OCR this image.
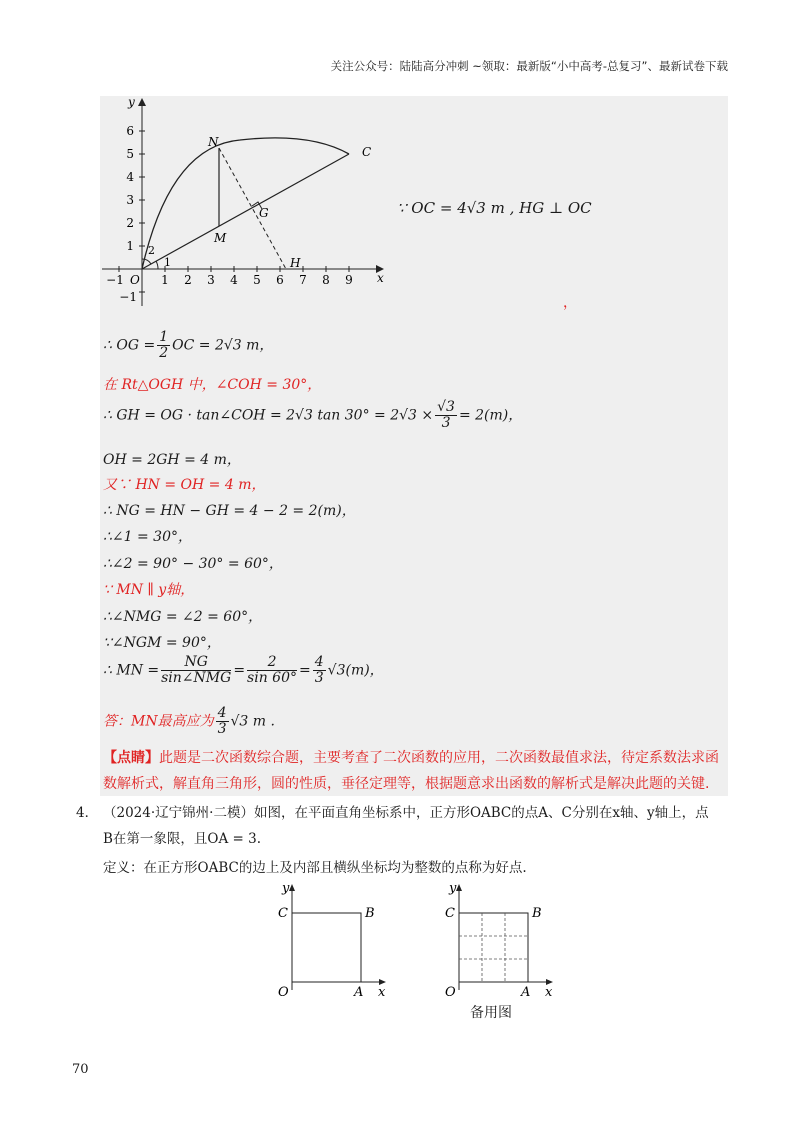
关注公众号：陆陆高分冲刺 ~领取：最新版“小中高考-总复习”、最新试卷下载
x
y
−1	1 2 3 4 5 6 7 8 9
6
5
4
3
2
1
−1
O
1
2
N
C
G
M
H
∵ OC = 4√3 m , HG ⊥ OC
，
∴ OG = $\frac{1}{2}$ OC = 2√3 m，
在 Rt△OGH 中，∠COH = 30°，
∴ GH = OG · tan∠COH = 2√3 $\tan 30^\circ = 2√3 \times \frac{√3}{3} = 2(m)$，
OH = 2GH = 4 m，
又∵ HN = OH = 4 m，
∴ NG = HN − GH = 4 − 2 = 2(m)，
∴∠1 = 30°，
∴∠2 = 90° − 30° = 60°，
∵ MN ∥ y轴，
∴∠NMG = ∠2 = 60°，
∵∠NGM = 90°，
∴ MN = $\frac{NG}{\text{sin∠NMG}} = \frac{2}{\sin 60^\circ} = \frac{4}{3} √3(m)$，
答：MN最高应为 $\frac{4}{3} √3$ m .
【点睛】此题是二次函数综合题，主要考查了二次函数的应用，二次函数最值求法，待定系数法求函数解析式，解直角三角形，圆的性质，垂径定理等，根据题意求出函数的解析式是解决此题的关键.
4． （2024·辽宁锦州·二模）如图，在平面直角坐标系中，正方形OABC的点A、C分别在x轴、y轴上，点
B在第一象限，且OA = 3.
定义：在正方形OABC的边上及内部且横纵坐标均为整数的点称为好点.
y
x
O	A
B
C
y
x
O	A
B
C
备用图
70
